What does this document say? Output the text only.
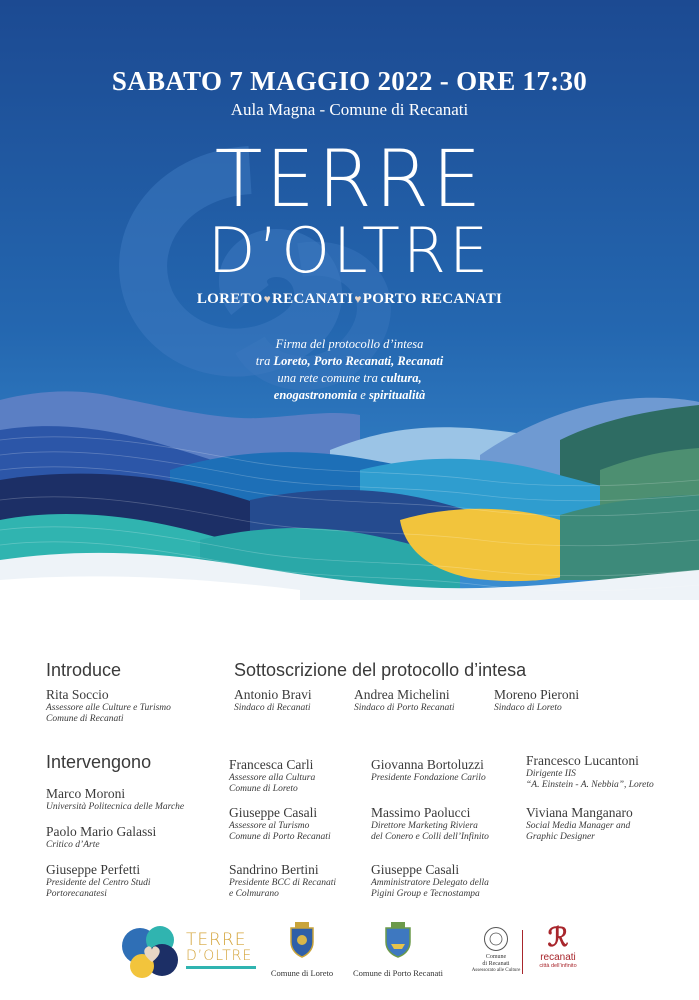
SABATO 7 MAGGIO 2022 - ORE 17:30
Aula Magna - Comune di Recanati
TERRE
D’OLTRE
LORETO♥RECANATI♥PORTO RECANATI
Firma del protocollo d’intesa
tra Loreto, Porto Recanati, Recanati
una rete comune tra cultura,
enogastronomia e spiritualità
Introduce
Rita Soccio
Assessore alle Culture e Turismo
Comune di Recanati
Sottoscrizione del protocollo d’intesa
Antonio Bravi
Sindaco di Recanati
Andrea Michelini
Sindaco di Porto Recanati
Moreno Pieroni
Sindaco di Loreto
Intervengono
Marco Moroni
Università Politecnica delle Marche
Paolo Mario Galassi
Critico d’Arte
Giuseppe Perfetti
Presidente del Centro Studi
Portorecanatesi
Francesca Carli
Assessore alla Cultura
Comune di Loreto
Giuseppe Casali
Assessore al Turismo
Comune di Porto Recanati
Sandrino Bertini
Presidente BCC di Recanati
e Colmurano
Giovanna Bortoluzzi
Presidente Fondazione Carilo
Massimo Paolucci
Direttore Marketing Riviera
del Conero e Colli dell’Infinito
Giuseppe Casali
Amministratore Delegato della
Pigini Group e Tecnostampa
Francesco Lucantoni
Dirigente IIS
“A. Einstein - A. Nebbia”, Loreto
Viviana Manganaro
Social Media Manager and
Graphic Designer
TERRE
D’OLTRE
Comune di Loreto	Comune di Porto Recanati
Comune
di Recanati
Assessorato alle Culture
ℛ
recanati
città dell’infinito
